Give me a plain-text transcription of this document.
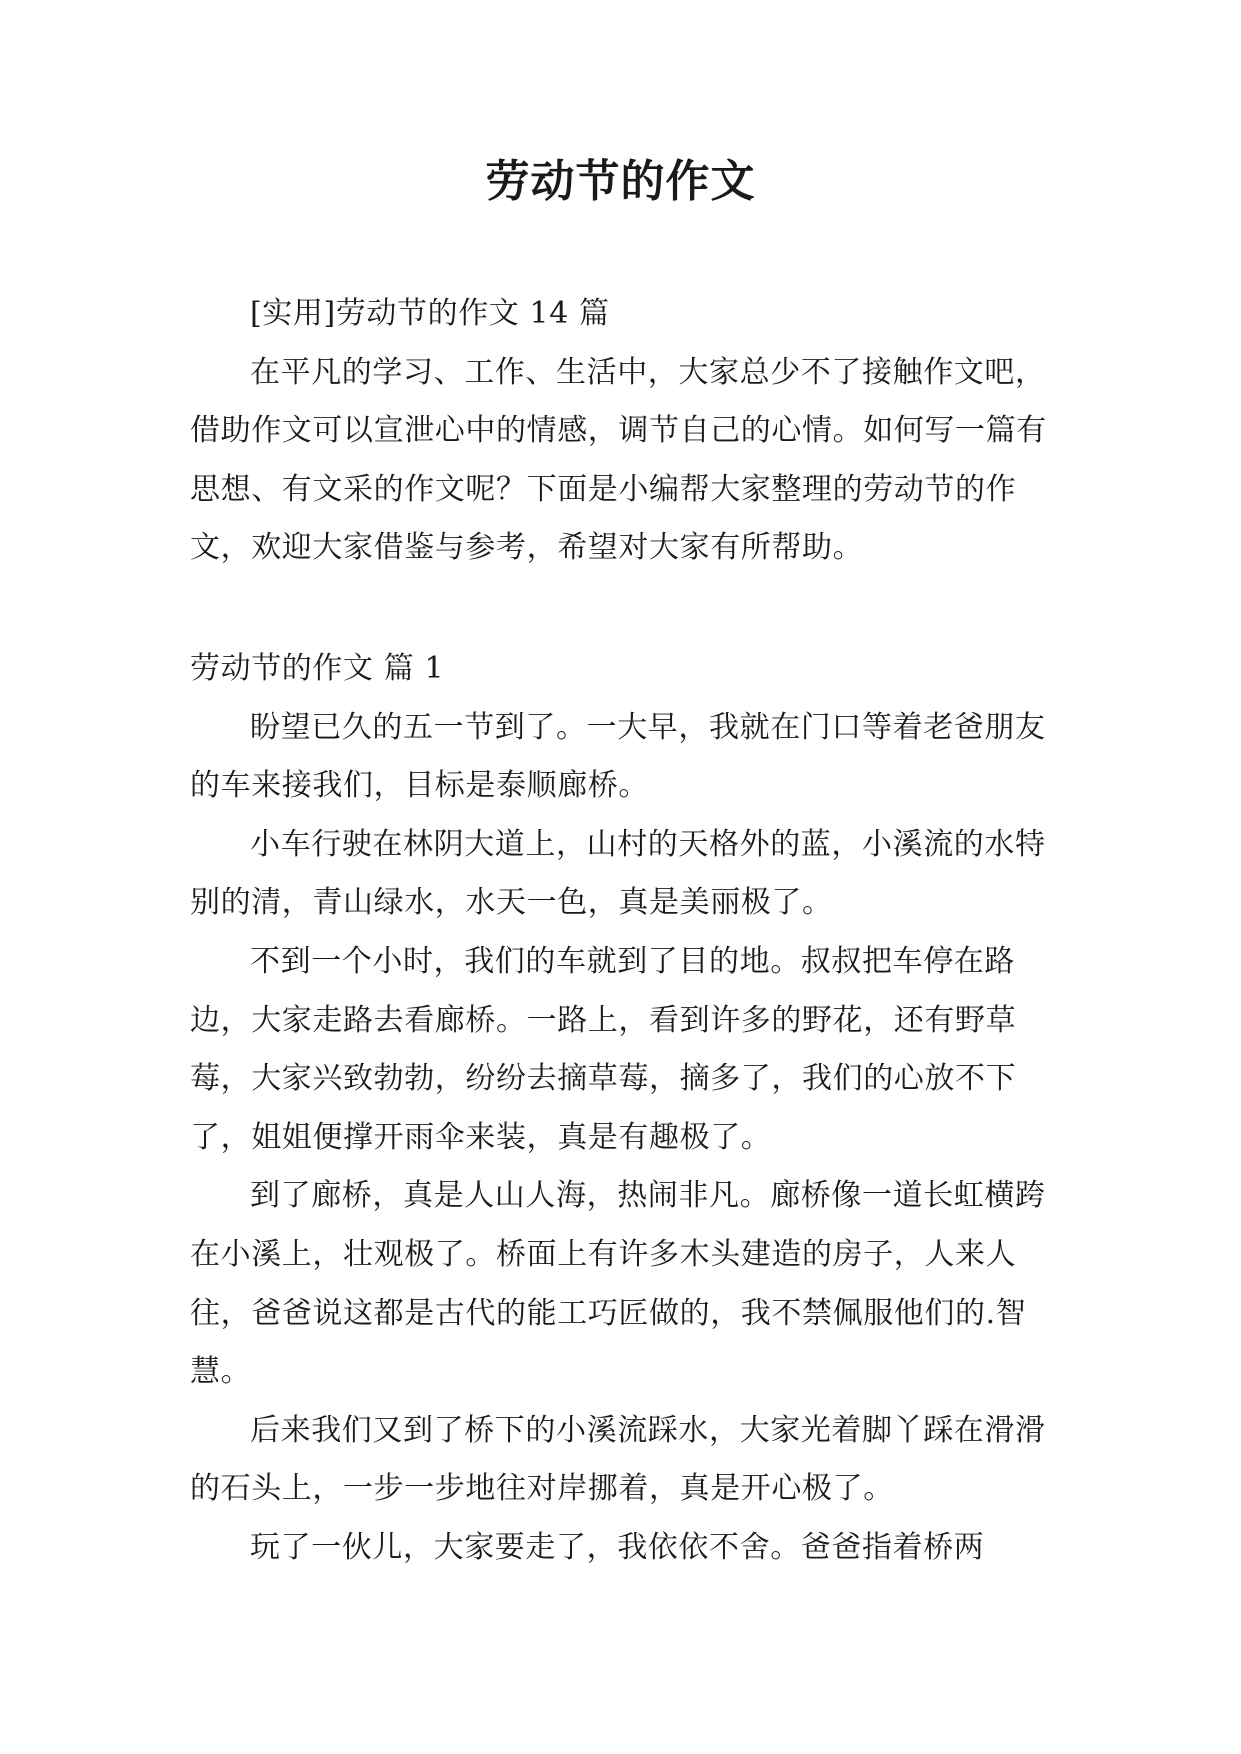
劳动节的作文

[实用]劳动节的作文 14 篇

在平凡的学习、工作、生活中，大家总少不了接触作文吧，借助作文可以宣泄心中的情感，调节自己的心情。如何写一篇有思想、有文采的作文呢？下面是小编帮大家整理的劳动节的作文，欢迎大家借鉴与参考，希望对大家有所帮助。

劳动节的作文 篇 1

盼望已久的五一节到了。一大早，我就在门口等着老爸朋友的车来接我们，目标是泰顺廊桥。

小车行驶在林阴大道上，山村的天格外的蓝，小溪流的水特别的清，青山绿水，水天一色，真是美丽极了。

不到一个小时，我们的车就到了目的地。叔叔把车停在路边，大家走路去看廊桥。一路上，看到许多的野花，还有野草莓，大家兴致勃勃，纷纷去摘草莓，摘多了，我们的心放不下了，姐姐便撑开雨伞来装，真是有趣极了。

到了廊桥，真是人山人海，热闹非凡。廊桥像一道长虹横跨在小溪上，壮观极了。桥面上有许多木头建造的房子，人来人往，爸爸说这都是古代的能工巧匠做的，我不禁佩服他们的.智慧。

后来我们又到了桥下的小溪流踩水，大家光着脚丫踩在滑滑的石头上，一步一步地往对岸挪着，真是开心极了。

玩了一伙儿，大家要走了，我依依不舍。爸爸指着桥两
